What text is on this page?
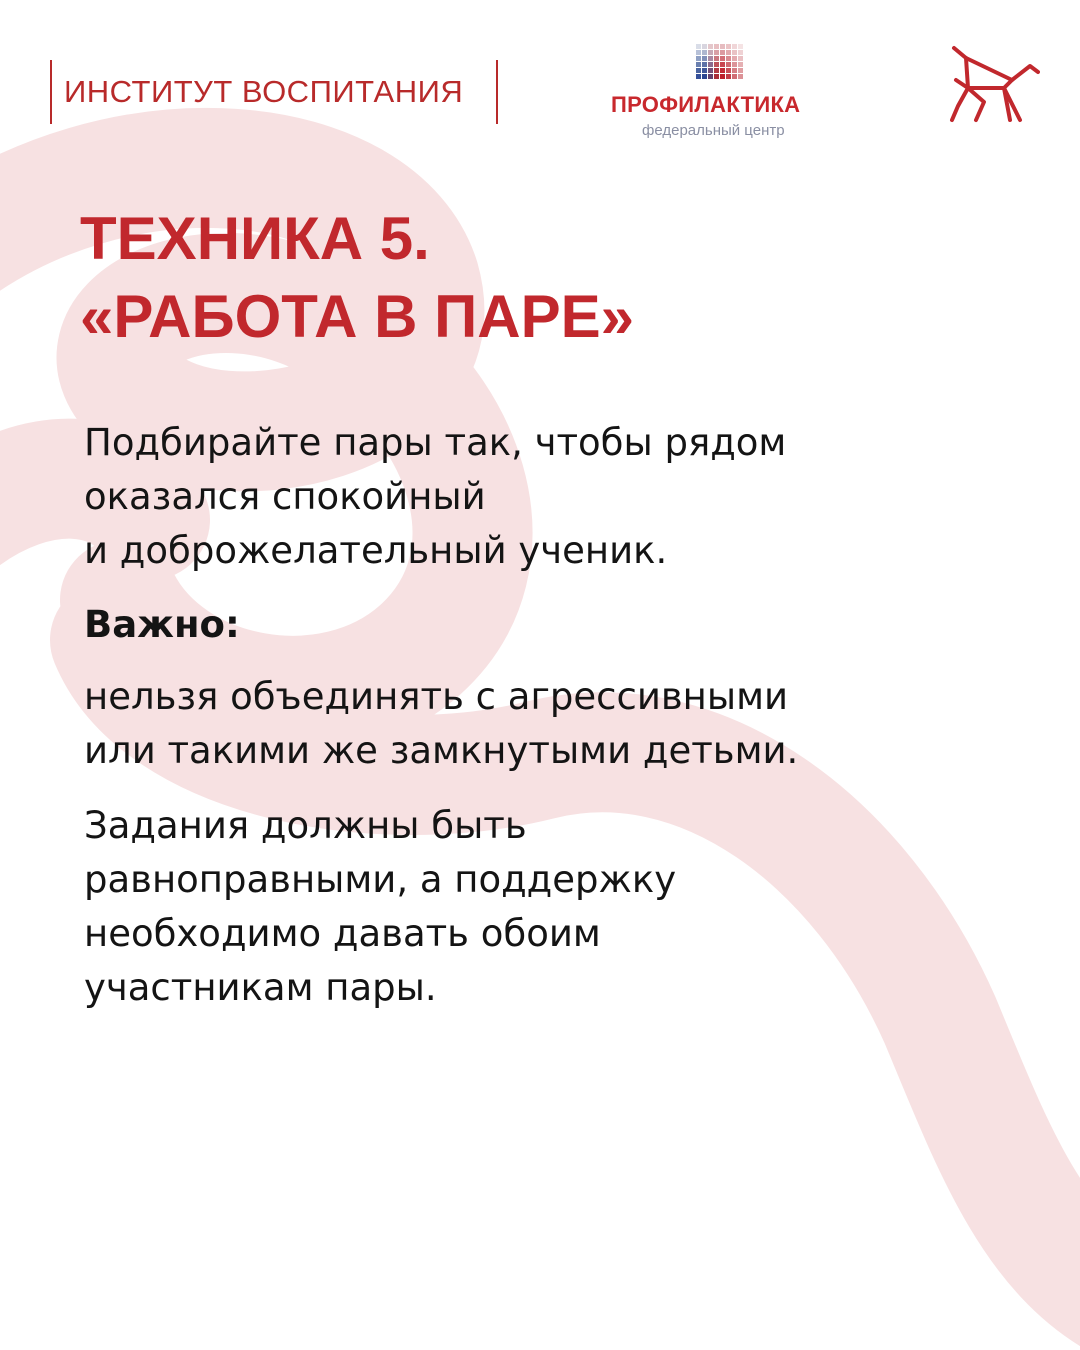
ИНСТИТУТ ВОСПИТАНИЯ	ПРОФИЛАКТИКА
федеральный центр
ТЕХНИКА 5.
«РАБОТА В ПАРЕ»

Подбирайте пары так, чтобы рядом
оказался спокойный
и доброжелательный ученик.

Важно:

нельзя объединять с агрессивными
или такими же замкнутыми детьми.

Задания должны быть
равноправными, а поддержку
необходимо давать обоим
участникам пары.
